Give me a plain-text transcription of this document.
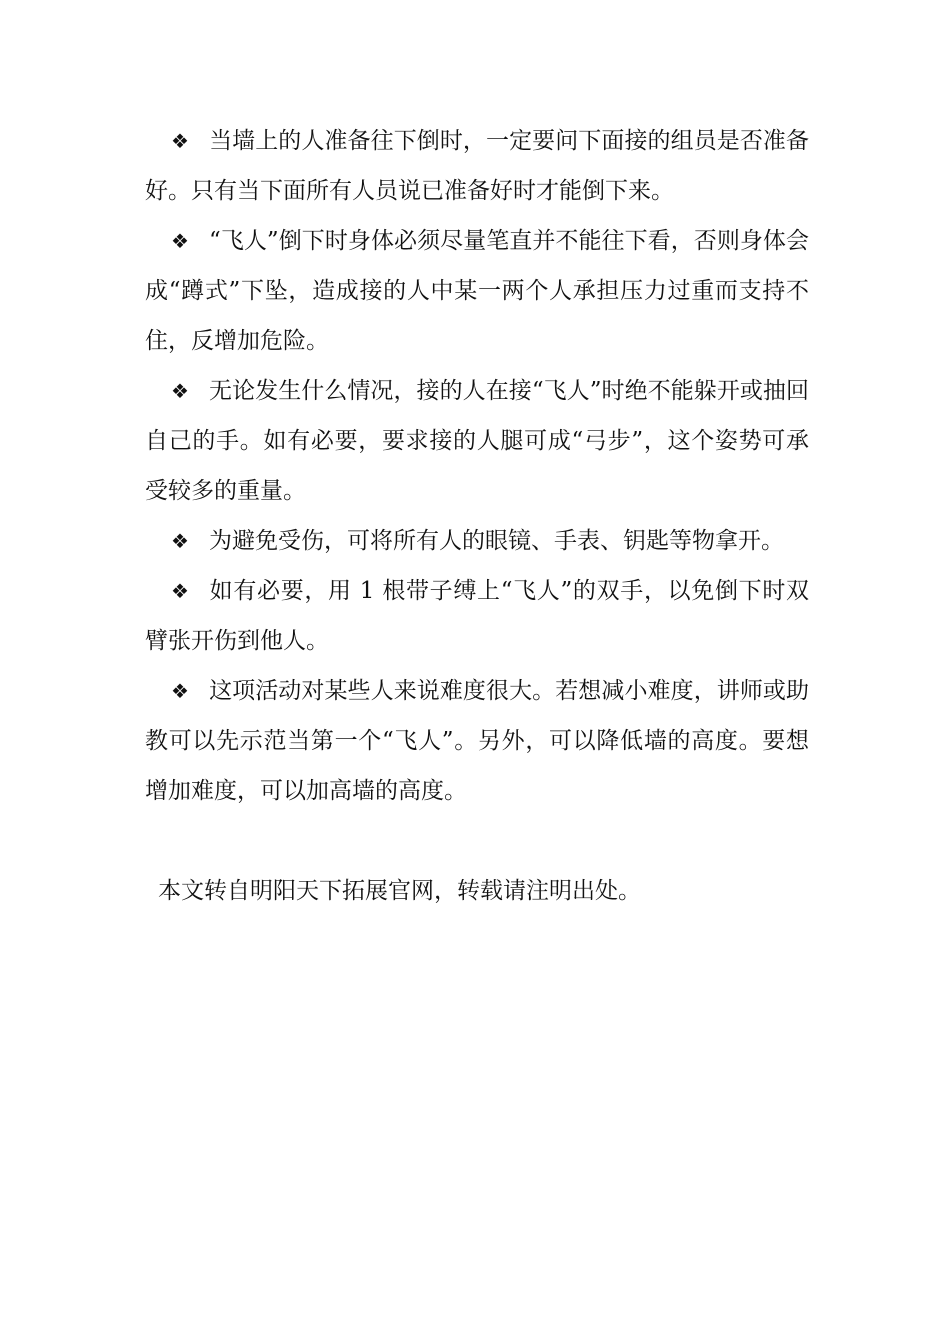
❖ 当墙上的人准备往下倒时，一定要问下面接的组员是否准备好。只有当下面所有人员说已准备好时才能倒下来。

❖ “飞人”倒下时身体必须尽量笔直并不能往下看，否则身体会成“蹲式”下坠，造成接的人中某一两个人承担压力过重而支持不住，反增加危险。

❖ 无论发生什么情况，接的人在接“飞人”时绝不能躲开或抽回自己的手。如有必要，要求接的人腿可成“弓步”，这个姿势可承受较多的重量。

❖ 为避免受伤，可将所有人的眼镜、手表、钥匙等物拿开。

❖ 如有必要，用 1 根带子缚上“飞人”的双手，以免倒下时双臂张开伤到他人。

❖ 这项活动对某些人来说难度很大。若想减小难度，讲师或助教可以先示范当第一个“飞人”。另外，可以降低墙的高度。要想增加难度，可以加高墙的高度。

本文转自明阳天下拓展官网，转载请注明出处。
